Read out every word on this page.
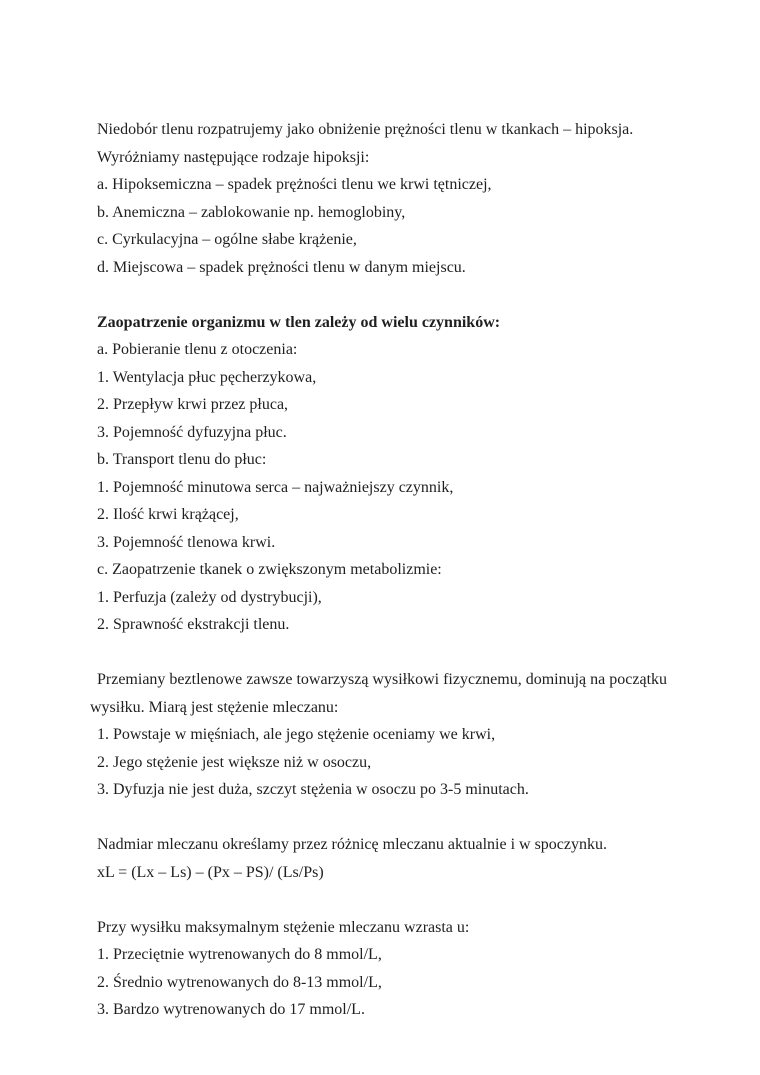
Niedobór tlenu rozpatrujemy jako obniżenie prężności tlenu w tkankach – hipoksja.
Wyróżniamy następujące rodzaje hipoksji:
a. Hipoksemiczna – spadek prężności tlenu we krwi tętniczej,
b. Anemiczna – zablokowanie np. hemoglobiny,
c. Cyrkulacyjna – ogólne słabe krążenie,
d. Miejscowa – spadek prężności tlenu w danym miejscu.
Zaopatrzenie organizmu w tlen zależy od wielu czynników:
a. Pobieranie tlenu z otoczenia:
1. Wentylacja płuc pęcherzykowa,
2. Przepływ krwi przez płuca,
3. Pojemność dyfuzyjna płuc.
b. Transport tlenu do płuc:
1. Pojemność minutowa serca – najważniejszy czynnik,
2. Ilość krwi krążącej,
3. Pojemność tlenowa krwi.
c. Zaopatrzenie tkanek o zwiększonym metabolizmie:
1. Perfuzja (zależy od dystrybucji),
2. Sprawność ekstrakcji tlenu.
Przemiany beztlenowe zawsze towarzyszą wysiłkowi fizycznemu, dominują na początku
wysiłku. Miarą jest stężenie mleczanu:
1. Powstaje w mięśniach, ale jego stężenie oceniamy we krwi,
2. Jego stężenie jest większe niż w osoczu,
3. Dyfuzja nie jest duża, szczyt stężenia w osoczu po 3-5 minutach.
Nadmiar mleczanu określamy przez różnicę mleczanu aktualnie i w spoczynku.
xL = (Lx – Ls) – (Px – PS)/ (Ls/Ps)
Przy wysiłku maksymalnym stężenie mleczanu wzrasta u:
1. Przeciętnie wytrenowanych do 8 mmol/L,
2. Średnio wytrenowanych do 8-13 mmol/L,
3. Bardzo wytrenowanych do 17 mmol/L.
